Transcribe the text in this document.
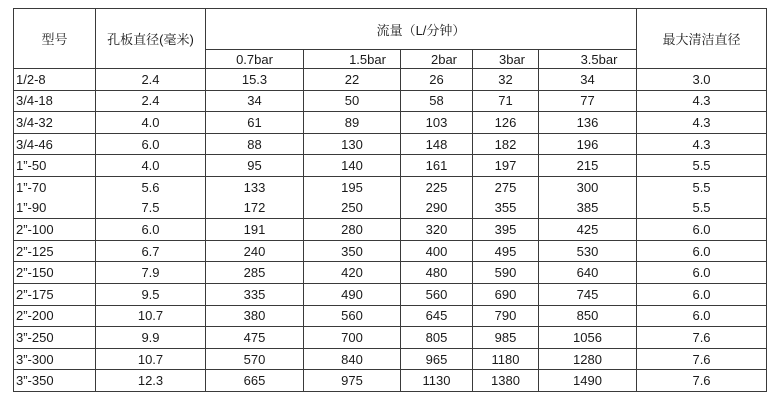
型号	孔板直径(毫米)	流量（L/分钟）					最大清洁直径
		0.7bar	1.5bar	2bar	3bar	3.5bar	
1/2-8	2.4	15.3	22	26	32	34	3.0
3/4-18	2.4	34	50	58	71	77	4.3
3/4-32	4.0	61	89	103	126	136	4.3
3/4-46	6.0	88	130	148	182	196	4.3
1”-50	4.0	95	140	161	197	215	5.5
1”-70	5.6	133	195	225	275	300	5.5
1”-90	7.5	172	250	290	355	385	5.5
2”-100	6.0	191	280	320	395	425	6.0
2”-125	6.7	240	350	400	495	530	6.0
2”-150	7.9	285	420	480	590	640	6.0
2”-175	9.5	335	490	560	690	745	6.0
2”-200	10.7	380	560	645	790	850	6.0
3”-250	9.9	475	700	805	985	1056	7.6
3”-300	10.7	570	840	965	1180	1280	7.6
3”-350	12.3	665	975	1130	1380	1490	7.6
